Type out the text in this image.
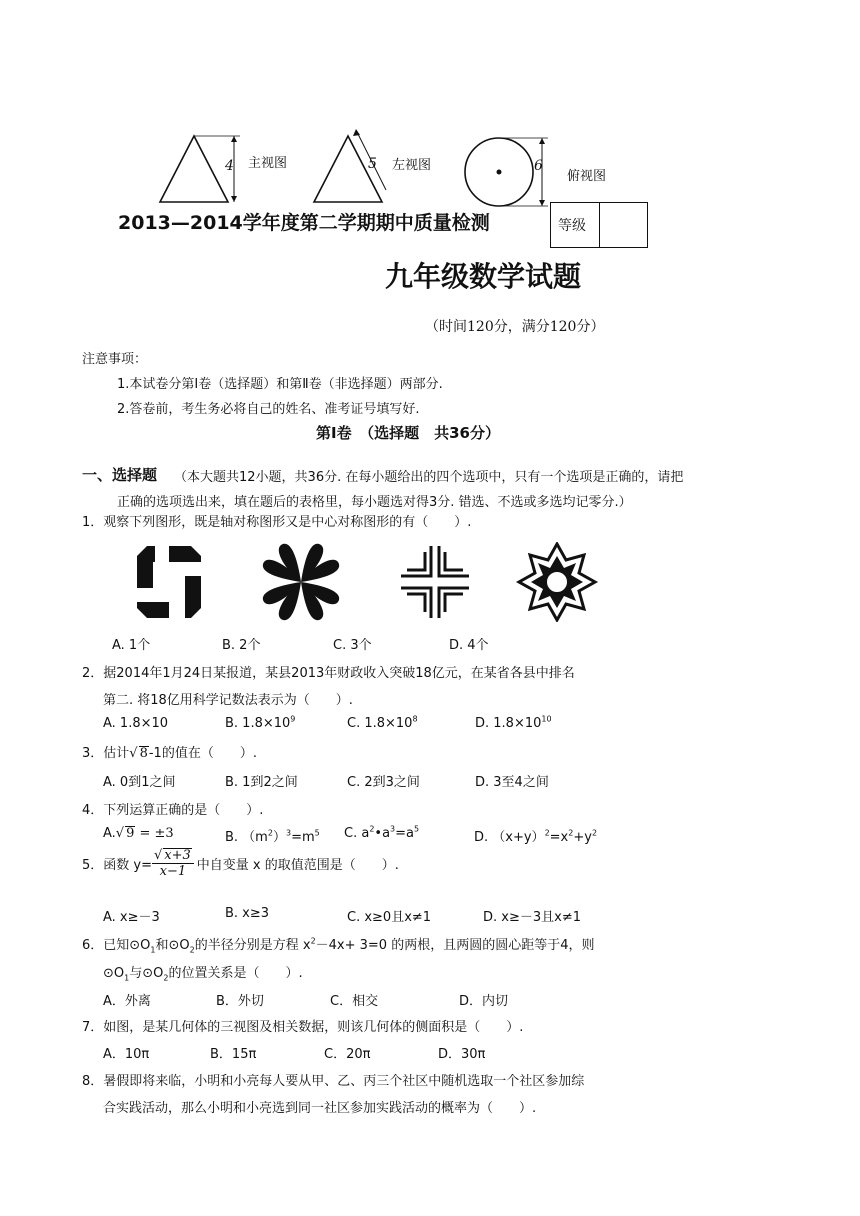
4 主视图	5 左视图	6
俯视图
2013—2014学年度第二学期期中质量检测	等级
九年级数学试题
（时间120分，满分120分）
注意事项：
1.本试卷分第Ⅰ卷（选择题）和第Ⅱ卷（非选择题）两部分.
2.答卷前，考生务必将自己的姓名、准考证号填写好.
第Ⅰ卷　（选择题　共36分）
一、选择题 （本大题共12小题，共36分. 在每小题给出的四个选项中，只有一个选项是正确的，请把
正确的选项选出来，填在题后的表格里，每小题选对得3分. 错选、不选或多选均记零分.）
1．观察下列图形，既是轴对称图形又是中心对称图形的有（　　）.
A. 1个	B. 2个	C. 3个	D. 4个
2．据2014年1月24日某报道，某县2013年财政收入突破18亿元，在某省各县中排名
第二. 将18亿用科学记数法表示为（　　）.
A. 1.8×10	B. $1.8\times 10^9$	C. $1.8\times 10^8$	D. $1.8\times 10^{10}$
3．估计√ 8-1的值在（　　）.
A. 0到1之间	B. 1到2之间	C. 2到3之间	D. 3至4之间
4．下列运算正确的是（　　）.
A.√ 9 = ±3	B. $(m^2)^3=m^5$ C. $a^2•a^3=a^5$
D. $(x+y)^2=x^2+y^2$
5．函数 $y= \frac{√ x+3}{x-1}$ 中自变量 x 的取值范围是（　　）.
A. x≥－3	B. x≥3	C. x≥0且x≠1	D. x≥－3且x≠1
6．已知$⊙O_1$和$⊙O_2$的半径分别是方程 $x^2-4x+ 3=0$ 的两根，且两圆的圆心距等于4，则
$⊙O_1$与$⊙O_2$的位置关系是（　　）.
A．外离	B．外切	C．相交	D．内切
7．如图，是某几何体的三视图及相关数据，则该几何体的侧面积是（　　）.
A．10π	B．15π	C．20π	D．30π
8．暑假即将来临，小明和小亮每人要从甲、乙、丙三个社区中随机选取一个社区参加综
合实践活动，那么小明和小亮选到同一社区参加实践活动的概率为（　　）.
